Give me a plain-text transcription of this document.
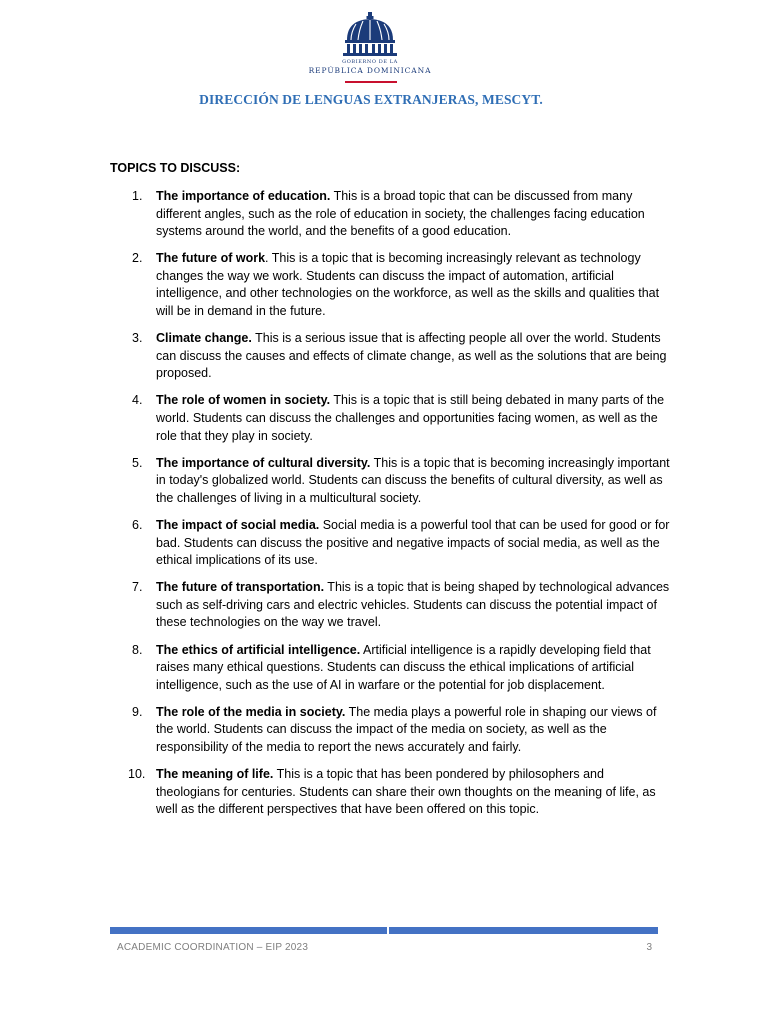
GOBIERNO DE LA
REPÚBLICA DOMINICANA
DIRECCIÓN DE LENGUAS EXTRANJERAS, MESCYT.
TOPICS TO DISCUSS:
1.	The importance of education. This is a broad topic that can be discussed from many different angles, such as the role of education in society, the challenges facing education systems around the world, and the benefits of a good education.
2.	The future of work. This is a topic that is becoming increasingly relevant as technology changes the way we work. Students can discuss the impact of automation, artificial intelligence, and other technologies on the workforce, as well as the skills and qualities that will be in demand in the future.
3.	Climate change. This is a serious issue that is affecting people all over the world. Students can discuss the causes and effects of climate change, as well as the solutions that are being proposed.
4.	The role of women in society. This is a topic that is still being debated in many parts of the world. Students can discuss the challenges and opportunities facing women, as well as the role that they play in society.
5.	The importance of cultural diversity. This is a topic that is becoming increasingly important in today's globalized world. Students can discuss the benefits of cultural diversity, as well as the challenges of living in a multicultural society.
6.	The impact of social media. Social media is a powerful tool that can be used for good or for bad. Students can discuss the positive and negative impacts of social media, as well as the ethical implications of its use.
7.	The future of transportation. This is a topic that is being shaped by technological advances such as self-driving cars and electric vehicles. Students can discuss the potential impact of these technologies on the way we travel.
8.	The ethics of artificial intelligence. Artificial intelligence is a rapidly developing field that raises many ethical questions. Students can discuss the ethical implications of artificial intelligence, such as the use of AI in warfare or the potential for job displacement.
9.	The role of the media in society. The media plays a powerful role in shaping our views of the world. Students can discuss the impact of the media on society, as well as the responsibility of the media to report the news accurately and fairly.
10. The meaning of life. This is a topic that has been pondered by philosophers and theologians for centuries. Students can share their own thoughts on the meaning of life, as well as the different perspectives that have been offered on this topic.
ACADEMIC COORDINATION – EIP 2023	3
